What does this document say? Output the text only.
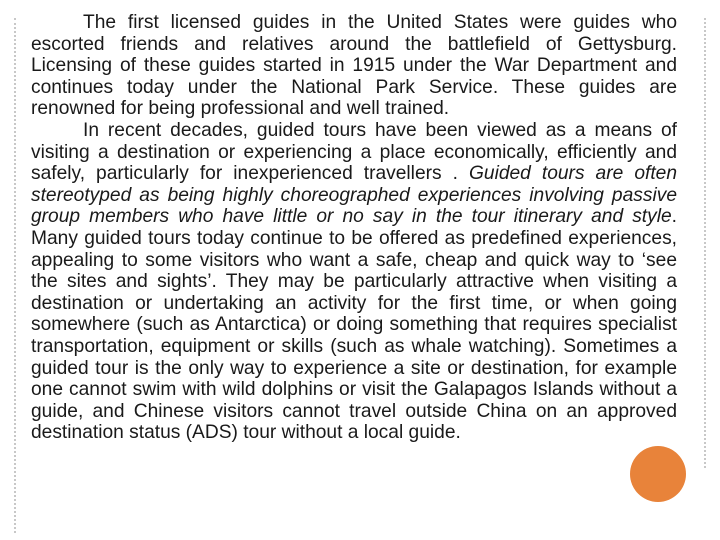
The first licensed guides in the United States were guides who escorted friends and relatives around the battlefield of Gettysburg. Licensing of these guides started in 1915 under the War Department and continues today under the National Park Service. These guides are renowned for being professional and well trained.

In recent decades, guided tours have been viewed as a means of visiting a destination or experiencing a place economically, efficiently and safely, particularly for inexperienced travellers . Guided tours are often stereotyped as being highly choreographed experiences involving passive group members who have little or no say in the tour itinerary and style. Many guided tours today continue to be offered as predefined experiences, appealing to some visitors who want a safe, cheap and quick way to ‘see the sites and sights’. They may be particularly attractive when visiting a destination or undertaking an activity for the first time, or when going somewhere (such as Antarctica) or doing something that requires specialist transportation, equipment or skills (such as whale watching). Sometimes a guided tour is the only way to experience a site or destination, for example one cannot swim with wild dolphins or visit the Galapagos Islands without a guide, and Chinese visitors cannot travel outside China on an approved destination status (ADS) tour without a local guide.
